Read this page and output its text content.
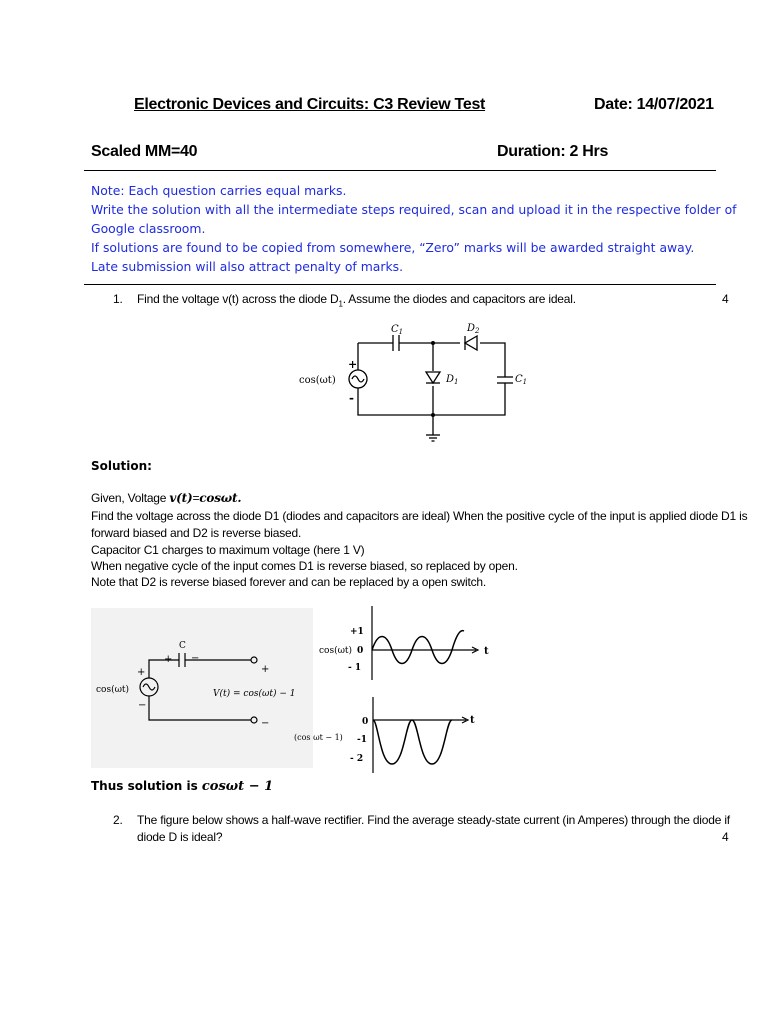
Electronic Devices and Circuits: C3 Review Test	Date: 14/07/2021
Scaled MM=40	Duration: 2 Hrs
Note: Each question carries equal marks.
Write the solution with all the intermediate steps required, scan and upload it in the respective folder of
Google classroom.
If solutions are found to be copied from somewhere, “Zero” marks will be awarded straight away.
Late submission will also attract penalty of marks.
1. Find the voltage v(t) across the diode $D_1$. Assume the diodes and capacitors are ideal.	4
cos(ωt)
+
-
$C_1$	$D_2$
$D_1$	$C_1$
Solution:
Given, Voltage v(t)=cosωt.
Find the voltage across the diode D1 (diodes and capacitors are ideal) When the positive cycle of the input is applied diode D1 is
forward biased and D2 is reverse biased.
Capacitor C1 charges to maximum voltage (here 1 V)
When negative cycle of the input comes D1 is reverse biased, so replaced by open.
Note that D2 is reverse biased forever and can be replaced by a open switch.
cos(ωt)
+
−
C
+ −
+
−
V(t) = cos(ωt) − 1
t
cos(ωt)
+1
0
- 1
t
(cos ωt − 1)
0
-1
- 2
Thus solution is cosωt − 1
2. The figure below shows a half-wave rectifier. Find the average steady-state current (in Amperes) through the diode if
diode D is ideal?	4
